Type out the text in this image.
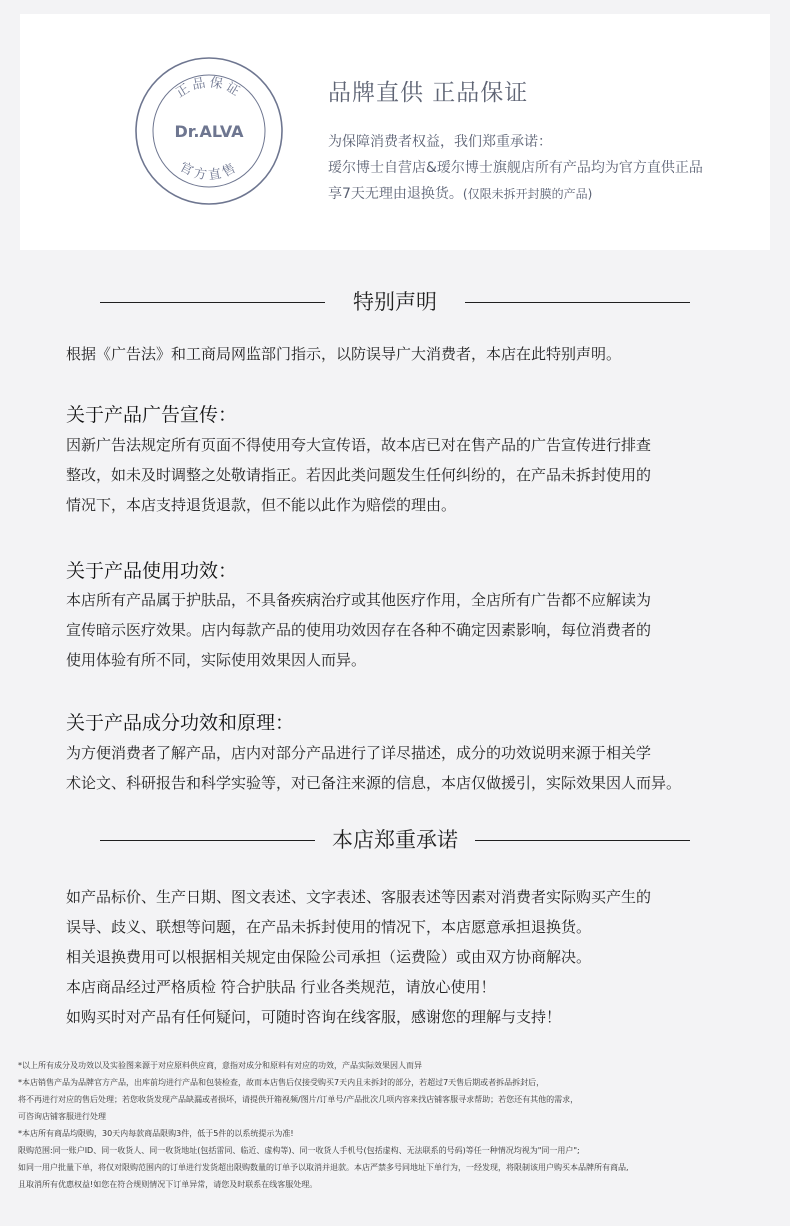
正品保证
Dr.ALVA
官方直售
品牌直供 正品保证
为保障消费者权益，我们郑重承诺：
瑷尔博士自营店&瑷尔博士旗舰店所有产品均为官方直供正品
享7天无理由退换货。(仅限未拆开封膜的产品)
特别声明
根据《广告法》和工商局网监部门指示，以防误导广大消费者，本店在此特别声明。
关于产品广告宣传：
因新广告法规定所有页面不得使用夸大宣传语，故本店已对在售产品的广告宣传进行排查
整改，如未及时调整之处敬请指正。若因此类问题发生任何纠纷的，在产品未拆封使用的
情况下，本店支持退货退款，但不能以此作为赔偿的理由。
关于产品使用功效：
本店所有产品属于护肤品，不具备疾病治疗或其他医疗作用，全店所有广告都不应解读为
宣传暗示医疗效果。店内每款产品的使用功效因存在各种不确定因素影响，每位消费者的
使用体验有所不同，实际使用效果因人而异。
关于产品成分功效和原理：
为方便消费者了解产品，店内对部分产品进行了详尽描述，成分的功效说明来源于相关学
术论文、科研报告和科学实验等，对已备注来源的信息，本店仅做援引，实际效果因人而异。
本店郑重承诺
如产品标价、生产日期、图文表述、文字表述、客服表述等因素对消费者实际购买产生的
误导、歧义、联想等问题，在产品未拆封使用的情况下，本店愿意承担退换货。
相关退换费用可以根据相关规定由保险公司承担（运费险）或由双方协商解决。
本店商品经过严格质检 符合护肤品 行业各类规范，请放心使用！
如购买时对产品有任何疑问，可随时咨询在线客服，感谢您的理解与支持！
*以上所有成分及功效以及实验图来源于对应原料供应商，意指对成分和原料有对应的功效，产品实际效果因人而异
*本店销售产品为品牌官方产品，出库前均进行产品和包装检查，故而本店售后仅接受购买7天内且未拆封的部分，若超过7天售后期或者拆品拆封后，
将不再进行对应的售后处理；若您收货发现产品缺漏或者损坏，请提供开箱视频/图片/订单号/产品批次几项内容来找店铺客服寻求帮助；若您还有其他的需求，
可咨询店铺客服进行处理
*本店所有商品均限购，30天内每款商品限购3件，低于5件的以系统提示为准!
限购范围:同一账户ID、同一收货人、同一收货地址(包括雷同、临近、虚构等)、同一收货人手机号(包括虚构、无法联系的号码)等任一种情况均视为"同一用户";
如同一用户批量下单，将仅对限购范围内的订单进行发货超出限购数量的订单予以取消并退款。本店严禁多号同地址下单行为，一经发现，将限制该用户购买本品牌所有商品,
且取消所有优惠权益!如您在符合规则情况下订单异常，请您及时联系在线客服处理。
